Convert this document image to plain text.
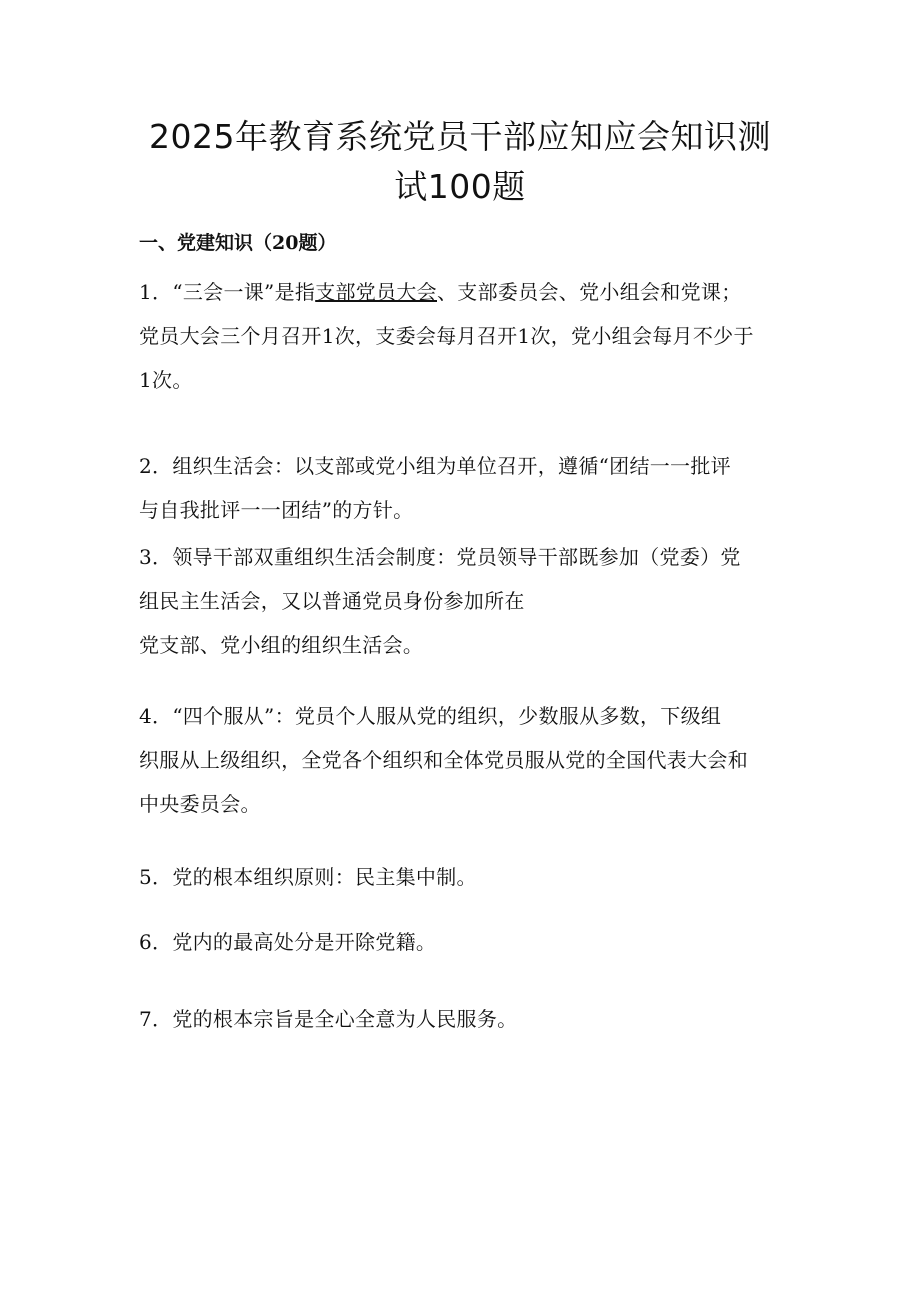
2025年教育系统党员干部应知应会知识测
试100题
一、党建知识（20题）

1．“三会一课”是指支部党员大会、支部委员会、党小组会和党课；
党员大会三个月召开1次，支委会每月召开1次，党小组会每月不少于
1次。

2．组织生活会：以支部或党小组为单位召开，遵循“团结一一批评
与自我批评一一团结”的方针。

3．领导干部双重组织生活会制度：党员领导干部既参加（党委）党
组民主生活会，又以普通党员身份参加所在
党支部、党小组的组织生活会。

4．“四个服从”：党员个人服从党的组织，少数服从多数，下级组
织服从上级组织，全党各个组织和全体党员服从党的全国代表大会和
中央委员会。

5．党的根本组织原则：民主集中制。

6．党内的最高处分是开除党籍。

7．党的根本宗旨是全心全意为人民服务。
